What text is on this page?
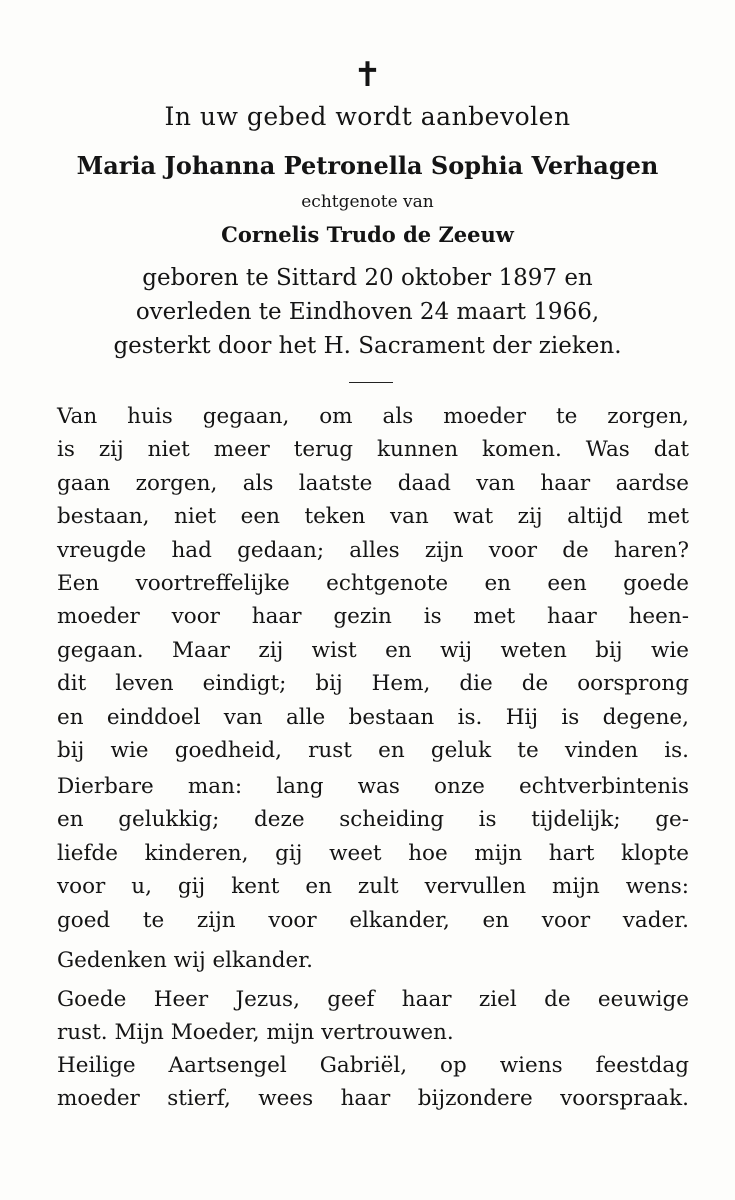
✝
In uw gebed wordt aanbevolen
Maria Johanna Petronella Sophia Verhagen
echtgenote van
Cornelis Trudo de Zeeuw
geboren te Sittard 20 oktober 1897 en
overleden te Eindhoven 24 maart 1966,
gesterkt door het H. Sacrament der zieken.
Van huis gegaan, om als moeder te zorgen,
is zij niet meer terug kunnen komen. Was dat
gaan zorgen, als laatste daad van haar aardse
bestaan, niet een teken van wat zij altijd met
vreugde had gedaan; alles zijn voor de haren?
Een voortreffelijke echtgenote en een goede
moeder voor haar gezin is met haar heen-
gegaan. Maar zij wist en wij weten bij wie
dit leven eindigt; bij Hem, die de oorsprong
en einddoel van alle bestaan is. Hij is degene,
bij wie goedheid, rust en geluk te vinden is.
Dierbare man: lang was onze echtverbintenis
en gelukkig; deze scheiding is tijdelijk; ge-
liefde kinderen, gij weet hoe mijn hart klopte
voor u, gij kent en zult vervullen mijn wens:
goed te zijn voor elkander, en voor vader.
Gedenken wij elkander.
Goede Heer Jezus, geef haar ziel de eeuwige
rust. Mijn Moeder, mijn vertrouwen.
Heilige Aartsengel Gabriël, op wiens feestdag
moeder stierf, wees haar bijzondere voorspraak.
